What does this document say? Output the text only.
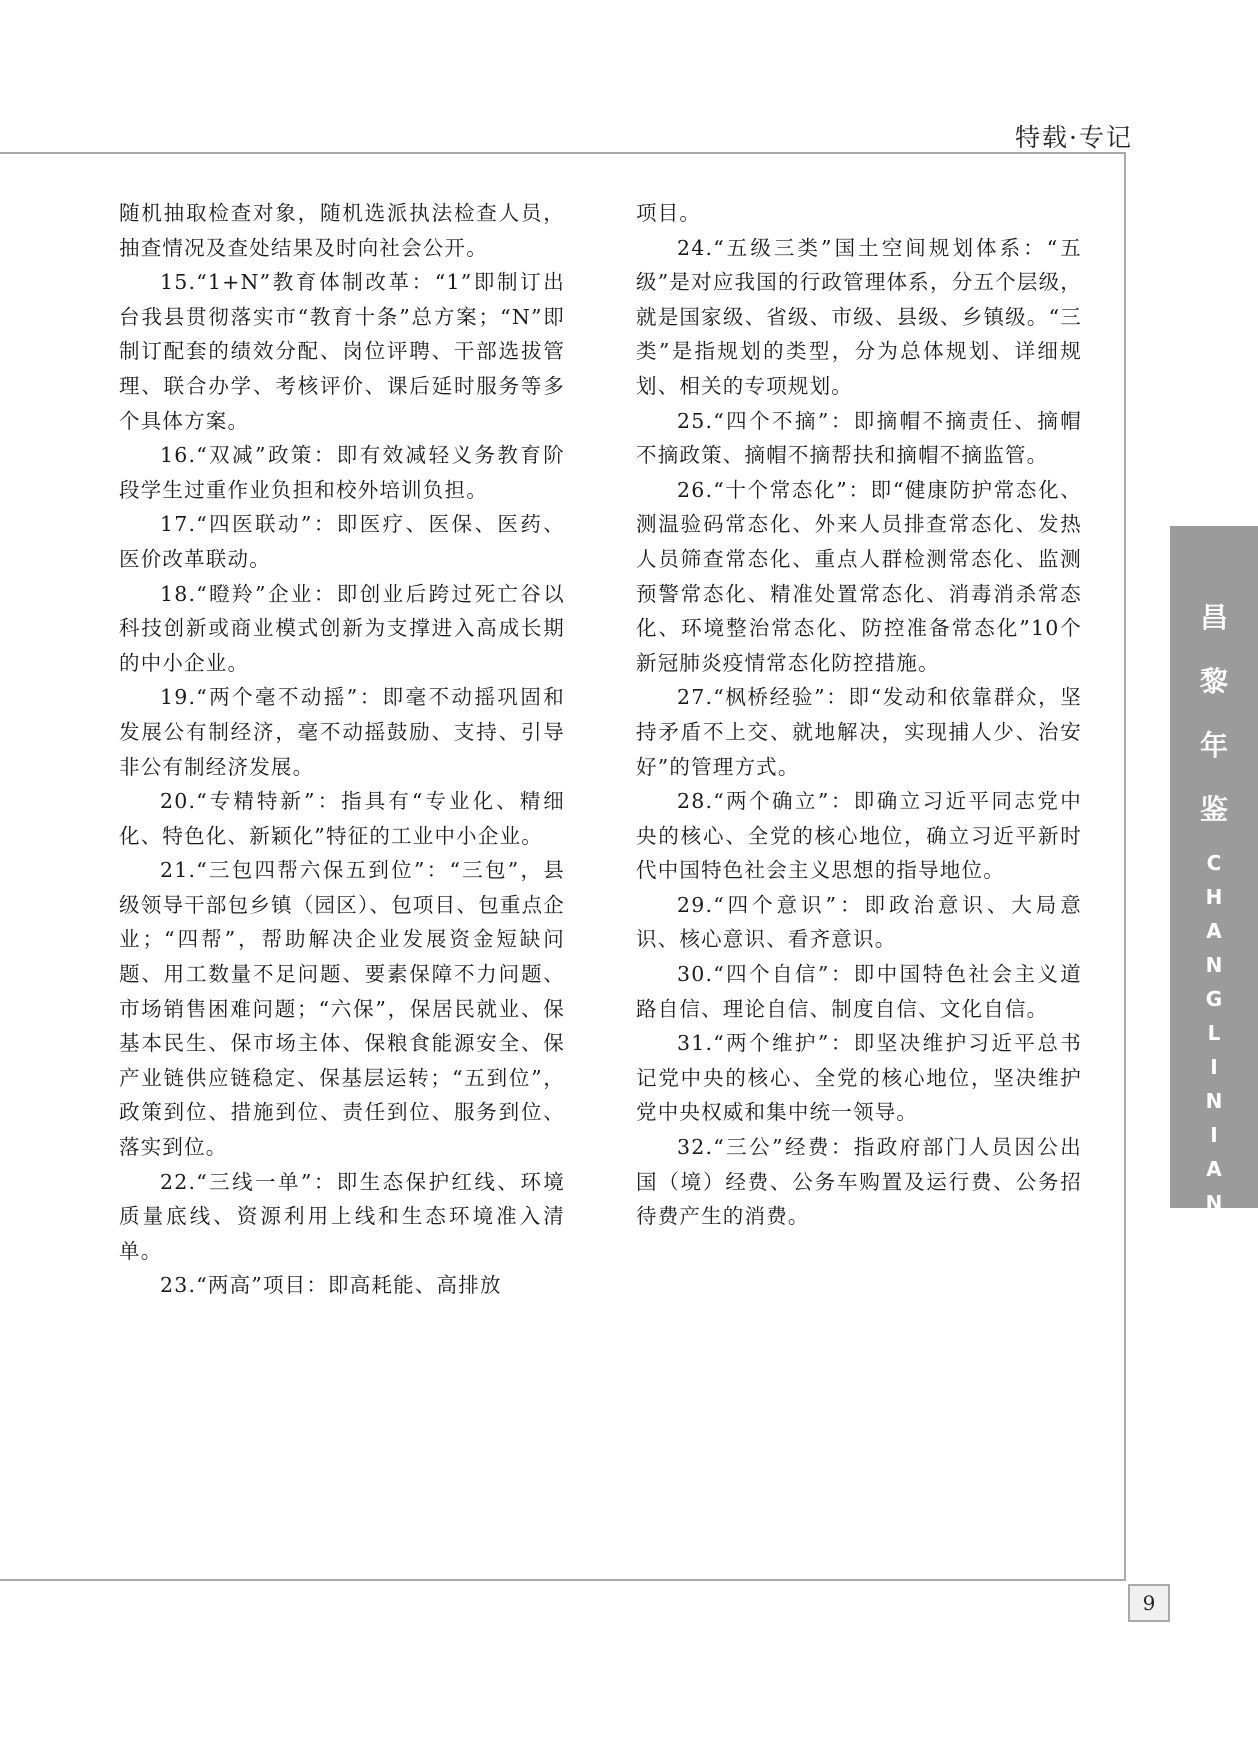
特载·专记

随机抽取检查对象，随机选派执法检查人员，抽查情况及查处结果及时向社会公开。

15.“1+N”教育体制改革：“1”即制订出台我县贯彻落实市“教育十条”总方案；“N”即制订配套的绩效分配、岗位评聘、干部选拔管理、联合办学、考核评价、课后延时服务等多个具体方案。

16.“双减”政策：即有效减轻义务教育阶段学生过重作业负担和校外培训负担。

17.“四医联动”：即医疗、医保、医药、医价改革联动。

18.“瞪羚”企业：即创业后跨过死亡谷以科技创新或商业模式创新为支撑进入高成长期的中小企业。

19.“两个毫不动摇”：即毫不动摇巩固和发展公有制经济，毫不动摇鼓励、支持、引导非公有制经济发展。

20.“专精特新”：指具有“专业化、精细化、特色化、新颖化”特征的工业中小企业。

21.“三包四帮六保五到位”：“三包”，县级领导干部包乡镇（园区）、包项目、包重点企业；“四帮”，帮助解决企业发展资金短缺问题、用工数量不足问题、要素保障不力问题、市场销售困难问题；“六保”，保居民就业、保基本民生、保市场主体、保粮食能源安全、保产业链供应链稳定、保基层运转；“五到位”，政策到位、措施到位、责任到位、服务到位、落实到位。

22.“三线一单”：即生态保护红线、环境质量底线、资源利用上线和生态环境准入清单。

23.“两高”项目：即高耗能、高排放

项目。

24.“五级三类”国土空间规划体系：“五级”是对应我国的行政管理体系，分五个层级，就是国家级、省级、市级、县级、乡镇级。“三类”是指规划的类型，分为总体规划、详细规划、相关的专项规划。

25.“四个不摘”：即摘帽不摘责任、摘帽不摘政策、摘帽不摘帮扶和摘帽不摘监管。

26.“十个常态化”：即“健康防护常态化、测温验码常态化、外来人员排查常态化、发热人员筛查常态化、重点人群检测常态化、监测预警常态化、精准处置常态化、消毒消杀常态化、环境整治常态化、防控准备常态化”10个新冠肺炎疫情常态化防控措施。

27.“枫桥经验”：即“发动和依靠群众，坚持矛盾不上交、就地解决，实现捕人少、治安好”的管理方式。

28.“两个确立”：即确立习近平同志党中央的核心、全党的核心地位，确立习近平新时代中国特色社会主义思想的指导地位。

29.“四个意识”：即政治意识、大局意识、核心意识、看齐意识。

30.“四个自信”：即中国特色社会主义道路自信、理论自信、制度自信、文化自信。

31.“两个维护”：即坚决维护习近平总书记党中央的核心、全党的核心地位，坚决维护党中央权威和集中统一领导。

32.“三公”经费：指政府部门人员因公出国（境）经费、公务车购置及运行费、公务招待费产生的消费。

昌
黎
年
鉴
C
H
A
N
G
L
I
N
I
A
N
J
I
A
N
9
